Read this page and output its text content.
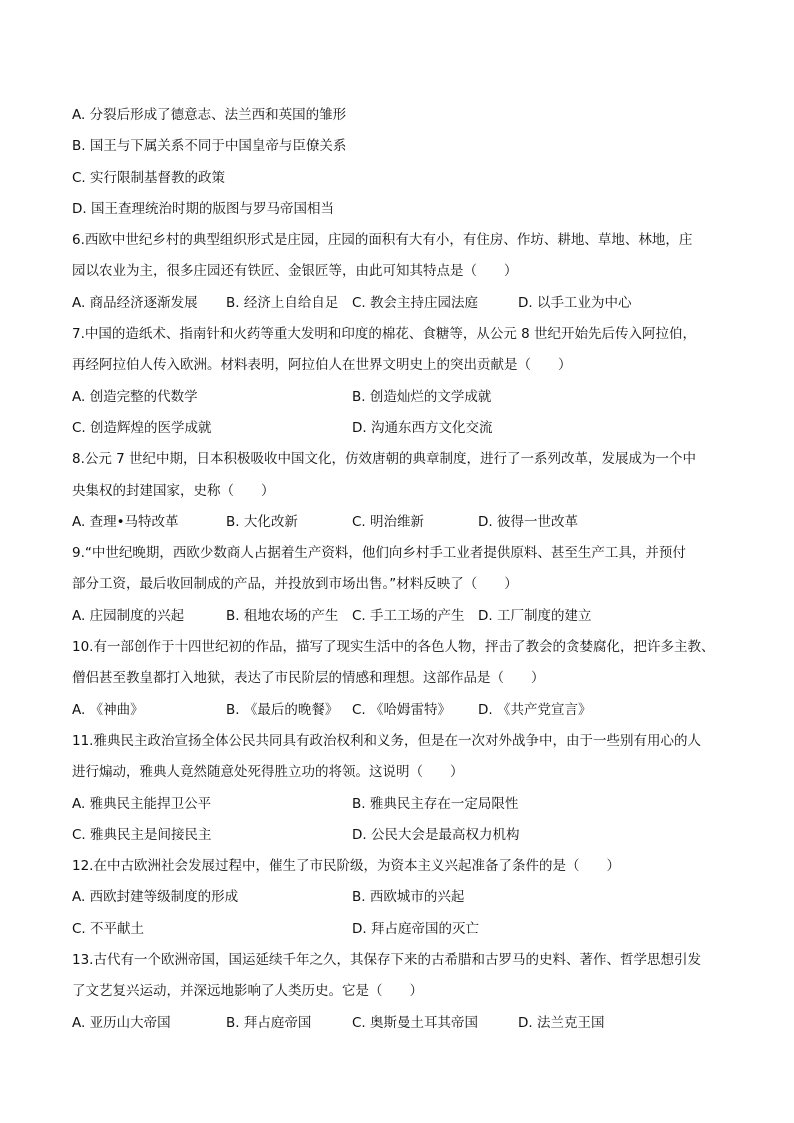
A. 分裂后形成了德意志、法兰西和英国的雏形
B. 国王与下属关系不同于中国皇帝与臣僚关系
C. 实行限制基督教的政策
D. 国王查理统治时期的版图与罗马帝国相当
6.西欧中世纪乡村的典型组织形式是庄园，庄园的面积有大有小，有住房、作坊、耕地、草地、林地，庄
园以农业为主，很多庄园还有铁匠、金银匠等，由此可知其特点是（　　）
A. 商品经济逐渐发展 B. 经济上自给自足 C. 教会主持庄园法庭	D. 以手工业为中心
7.中国的造纸术、指南针和火药等重大发明和印度的棉花、食糖等，从公元 8 世纪开始先后传入阿拉伯，
再经阿拉伯人传入欧洲。材料表明，阿拉伯人在世界文明史上的突出贡献是（　　）
A. 创造完整的代数学	B. 创造灿烂的文学成就
C. 创造辉煌的医学成就	D. 沟通东西方文化交流
8.公元 7 世纪中期，日本积极吸收中国文化，仿效唐朝的典章制度，进行了一系列改革，发展成为一个中
央集权的封建国家，史称（　　）
A. 查理•马特改革	B. 大化改新	C. 明治维新	D. 彼得一世改革
9.“中世纪晚期，西欧少数商人占据着生产资料，他们向乡村手工业者提供原料、甚至生产工具，并预付
部分工资，最后收回制成的产品，并投放到市场出售。”材料反映了（　　）
A. 庄园制度的兴起	B. 租地农场的产生 C. 手工工场的产生 D. 工厂制度的建立
10.有一部创作于十四世纪初的作品，描写了现实生活中的各色人物，抨击了教会的贪婪腐化，把许多主教、
僧侣甚至教皇都打入地狱，表达了市民阶层的情感和理想。这部作品是（　　）
A. 《神曲》	B. 《最后的晚餐》 C. 《哈姆雷特》 D. 《共产党宣言》
11.雅典民主政治宣扬全体公民共同具有政治权利和义务，但是在一次对外战争中，由于一些别有用心的人
进行煽动，雅典人竟然随意处死得胜立功的将领。这说明（　　）
A. 雅典民主能捍卫公平	B. 雅典民主存在一定局限性
C. 雅典民主是间接民主	D. 公民大会是最高权力机构
12.在中古欧洲社会发展过程中，催生了市民阶级，为资本主义兴起准备了条件的是（　　）
A. 西欧封建等级制度的形成	B. 西欧城市的兴起
C. 不平献土	D. 拜占庭帝国的灭亡
13.古代有一个欧洲帝国，国运延续千年之久，其保存下来的古希腊和古罗马的史料、著作、哲学思想引发
了文艺复兴运动，并深远地影响了人类历史。它是（　　）
A. 亚历山大帝国	B. 拜占庭帝国	C. 奥斯曼土耳其帝国	D. 法兰克王国
